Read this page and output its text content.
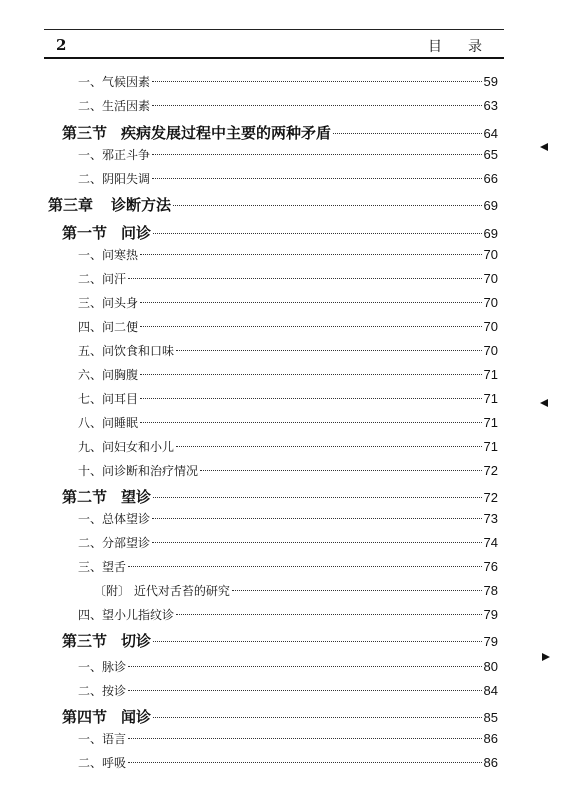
2	目录
一、气候因素	59
二、生活因素	63
第三节 疾病发展过程中主要的两种矛盾	64
一、邪正斗争	65
二、阴阳失调	66
第三章 诊断方法	69
第一节 问诊	69
一、问寒热	70
二、问汗	70
三、问头身	70
四、问二便	70
五、问饮食和口味	70
六、问胸腹	71
七、问耳目	71
八、问睡眠	71
九、问妇女和小儿	71
十、问诊断和治疗情况	72
第二节 望诊	72
一、总体望诊	73
二、分部望诊	74
三、望舌	76
〔附〕 近代对舌苔的研究	78
四、望小儿指纹诊	79
第三节 切诊	79
一、脉诊	80
二、按诊	84
第四节 闻诊	85
一、语言	86
二、呼吸	86
